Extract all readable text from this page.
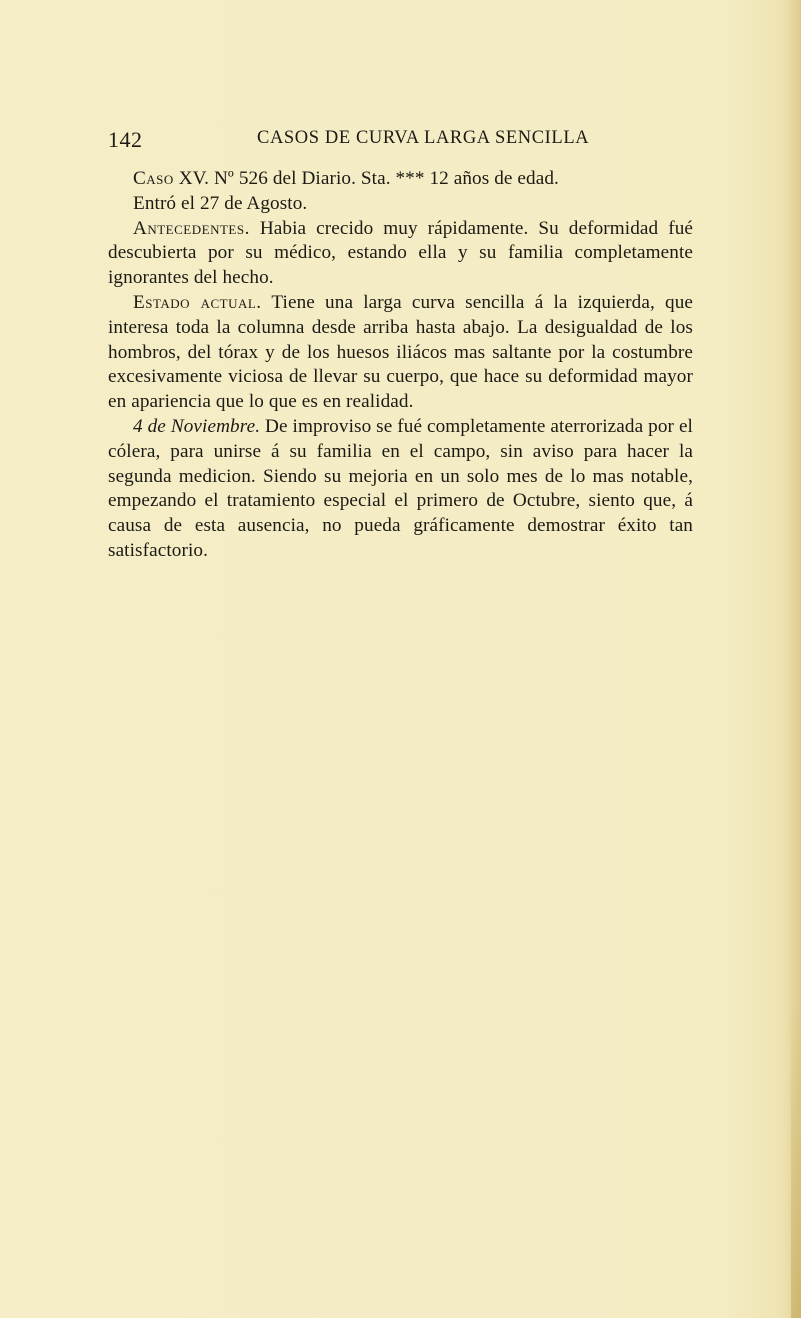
142	CASOS DE CURVA LARGA SENCILLA

Caso XV. Nº 526 del Diario. Sta. *** 12 años de edad.

Entró el 27 de Agosto.

Antecedentes. Habia crecido muy rápidamente. Su deformidad fué descubierta por su médico, estando ella y su familia completamente ignorantes del hecho.

Estado actual. Tiene una larga curva sencilla á la izquierda, que interesa toda la columna desde arriba hasta abajo. La desigualdad de los hombros, del tórax y de los huesos iliácos mas saltante por la costumbre excesivamente viciosa de llevar su cuerpo, que hace su deformidad mayor en apariencia que lo que es en realidad.

4 de Noviembre. De improviso se fué completamente aterrorizada por el cólera, para unirse á su familia en el campo, sin aviso para hacer la segunda medicion. Siendo su mejoria en un solo mes de lo mas notable, empezando el tratamiento especial el primero de Octubre, siento que, á causa de esta ausencia, no pueda gráficamente demostrar éxito tan satisfactorio.
